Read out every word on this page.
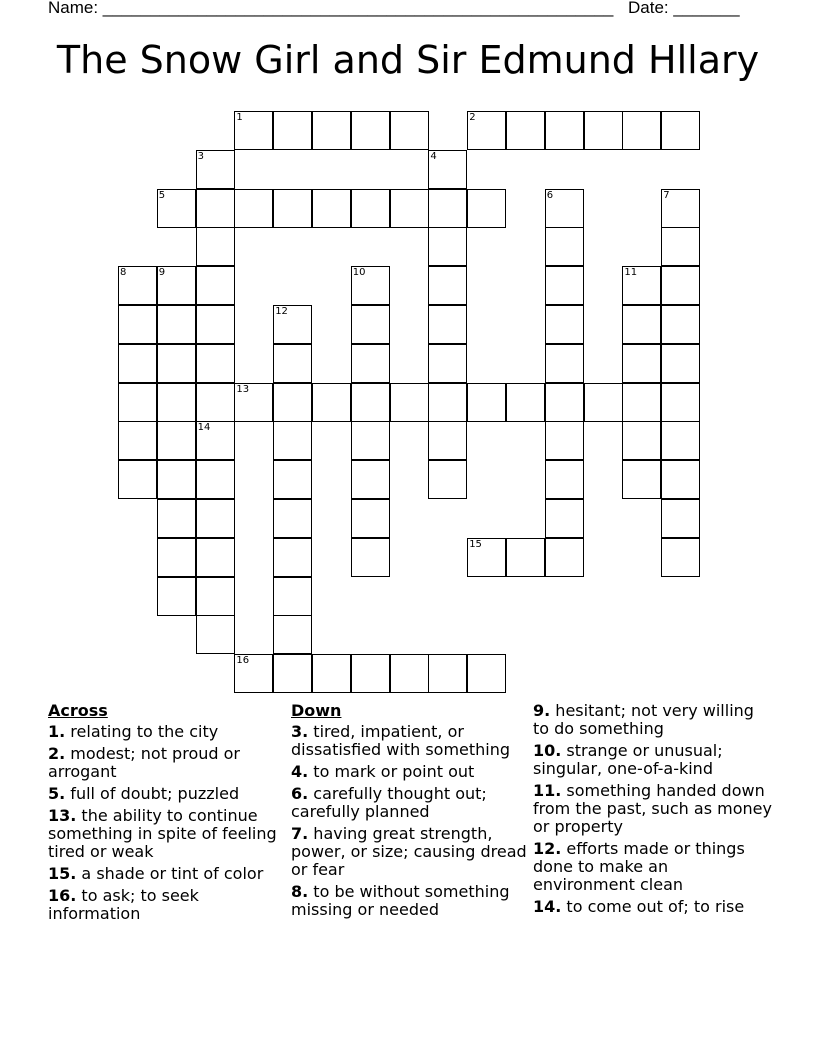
Name: ______________________________________________________ Date: _______
The Snow Girl and Sir Edmund Hllary
1	2
5
13
15
16
3
14
4
6	7
8	9	10	11
12
Across
1. relating to the city
2. modest; not proud or arrogant
5. full of doubt; puzzled
13. the ability to continue something in spite of feeling tired or weak
15. a shade or tint of color
16. to ask; to seek information
Down
3. tired, impatient, or dissatisfied with something
4. to mark or point out
6. carefully thought out; carefully planned
7. having great strength, power, or size; causing dread or fear
8. to be without something missing or needed
9. hesitant; not very willing to do something
10. strange or unusual; singular, one-of-a-kind
11. something handed down from the past, such as money or property
12. efforts made or things done to make an environment clean
14. to come out of; to rise
